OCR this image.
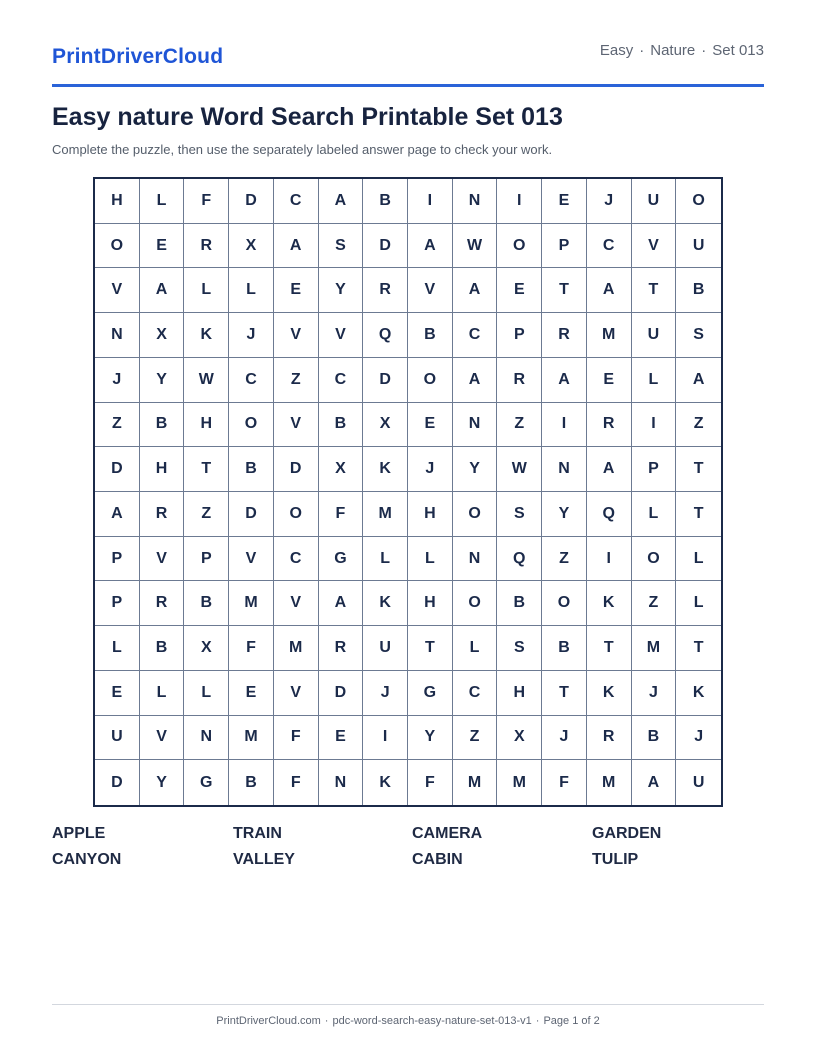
PrintDriverCloud	Easy · Nature · Set 013
Easy nature Word Search Printable Set 013
Complete the puzzle, then use the separately labeled answer page to check your work.
H	L	F	D	C	A	B	I	N	I	E	J	U	O
O	E	R	X	A	S	D	A	W	O	P	C	V	U
V	A	L	L	E	Y	R	V	A	E	T	A	T	B
N	X	K	J	V	V	Q	B	C	P	R	M	U	S
J	Y	W	C	Z	C	D	O	A	R	A	E	L	A
Z	B	H	O	V	B	X	E	N	Z	I	R	I	Z
D	H	T	B	D	X	K	J	Y	W	N	A	P	T
A	R	Z	D	O	F	M	H	O	S	Y	Q	L	T
P	V	P	V	C	G	L	L	N	Q	Z	I	O	L
P	R	B	M	V	A	K	H	O	B	O	K	Z	L
L	B	X	F	M	R	U	T	L	S	B	T	M	T
E	L	L	E	V	D	J	G	C	H	T	K	J	K
U	V	N	M	F	E	I	Y	Z	X	J	R	B	J
D	Y	G	B	F	N	K	F	M	M	F	M	A	U
APPLE	TRAIN	CAMERA	GARDEN
CANYON	VALLEY	CABIN	TULIP
PrintDriverCloud.com · pdc-word-search-easy-nature-set-013-v1 · Page 1 of 2
